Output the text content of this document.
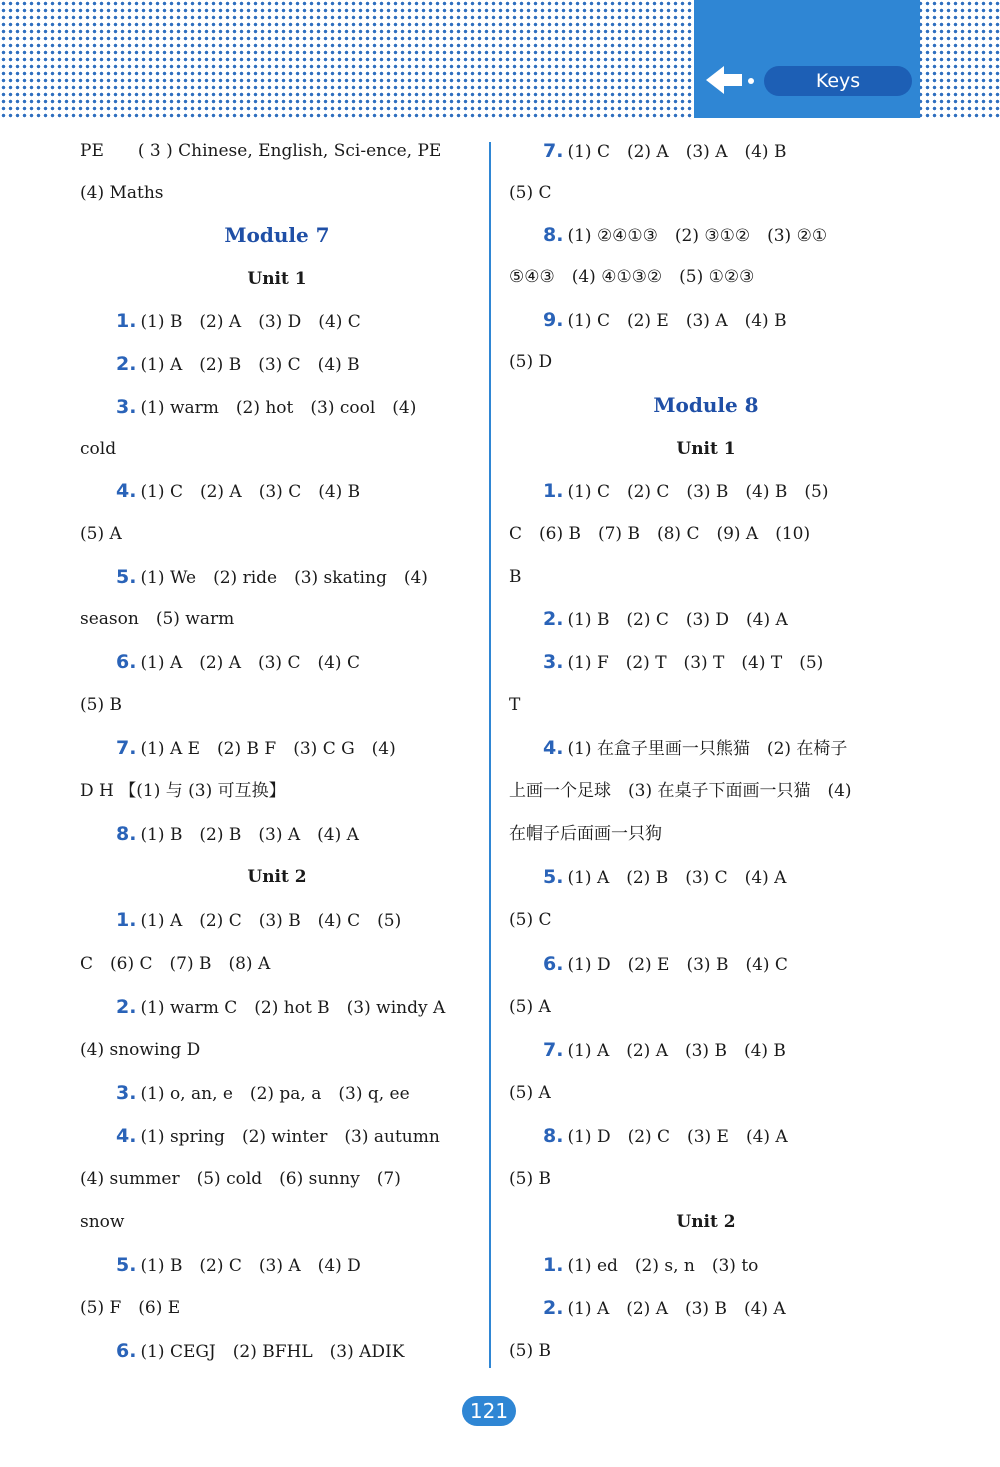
Keys
PE　　( 3 ) Chinese, English, Sci-ence, PE
(4) Maths
Module 7
Unit 1
1. (1) B　(2) A　(3) D　(4) C
2. (1) A　(2) B　(3) C　(4) B
3. (1) warm　(2) hot　(3) cool　(4)
cold
4. (1) C　(2) A　(3) C　(4) B
(5) A
5. (1) We　(2) ride　(3) skating　(4)
season　(5) warm
6. (1) A　(2) A　(3) C　(4) C
(5) B
7. (1) A E　(2) B F　(3) C G　(4)
D H 【(1) 与 (3) 可互换】
8. (1) B　(2) B　(3) A　(4) A
Unit 2
1. (1) A　(2) C　(3) B　(4) C　(5)
C　(6) C　(7) B　(8) A
2. (1) warm C　(2) hot B　(3) windy A
(4) snowing D
3. (1) o, an, e　(2) pa, a　(3) q, ee
4. (1) spring　(2) winter　(3) autumn
(4) summer　(5) cold　(6) sunny　(7)
snow
5. (1) B　(2) C　(3) A　(4) D
(5) F　(6) E
6. (1) CEGJ　(2) BFHL　(3) ADIK
7. (1) C　(2) A　(3) A　(4) B
(5) C
8. (1) ②④①③　(2) ③①②　(3) ②①
⑤④③　(4) ④①③②　(5) ①②③
9. (1) C　(2) E　(3) A　(4) B
(5) D
Module 8
Unit 1
1. (1) C　(2) C　(3) B　(4) B　(5)
C　(6) B　(7) B　(8) C　(9) A　(10)
B
2. (1) B　(2) C　(3) D　(4) A
3. (1) F　(2) T　(3) T　(4) T　(5)
T
4. (1) 在盒子里画一只熊猫　(2) 在椅子
上画一个足球　(3) 在桌子下面画一只猫　(4)
在帽子后面画一只狗
5. (1) A　(2) B　(3) C　(4) A
(5) C
6. (1) D　(2) E　(3) B　(4) C
(5) A
7. (1) A　(2) A　(3) B　(4) B
(5) A
8. (1) D　(2) C　(3) E　(4) A
(5) B
Unit 2
1. (1) ed　(2) s, n　(3) to
2. (1) A　(2) A　(3) B　(4) A
(5) B
121
